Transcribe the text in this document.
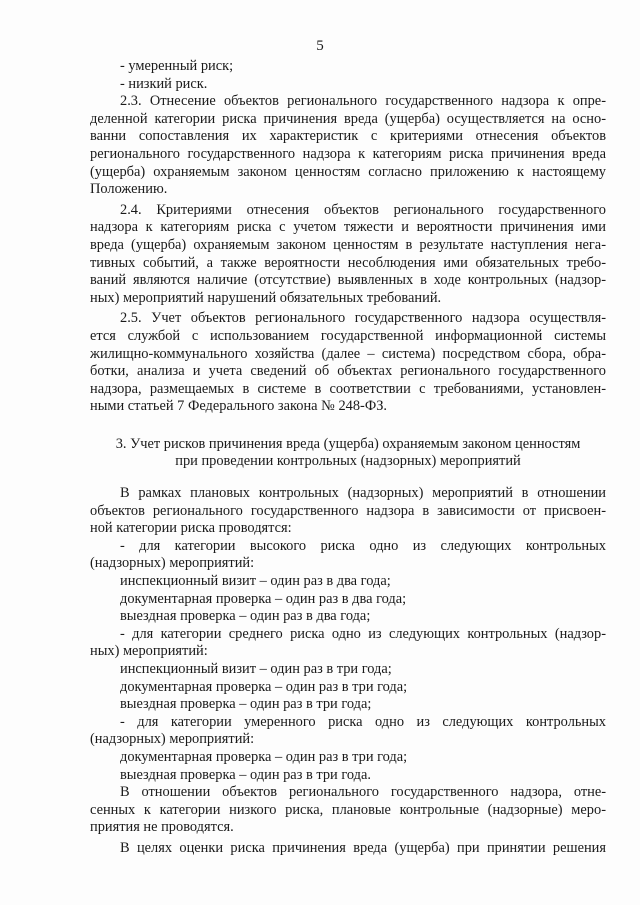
5
- умеренный риск;
- низкий риск.
2.3. Отнесение объектов регионального государственного надзора к опре-
деленной категории риска причинения вреда (ущерба) осуществляется на осно-
ванни сопоставления их характеристик с критериями отнесения объектов
регионального государственного надзора к категориям риска причинения вреда
(ущерба) охраняемым законом ценностям согласно приложению к настоящему
Положению.
2.4. Критериями отнесения объектов регионального государственного
надзора к категориям риска с учетом тяжести и вероятности причинения ими
вреда (ущерба) охраняемым законом ценностям в результате наступления нега-
тивных событий, а также вероятности несоблюдения ими обязательных требо-
ваний являются наличие (отсутствие) выявленных в ходе контрольных (надзор-
ных) мероприятий нарушений обязательных требований.
2.5. Учет объектов регионального государственного надзора осуществля-
ется службой с использованием государственной информационной системы
жилищно-коммунального хозяйства (далее – система) посредством сбора, обра-
ботки, анализа и учета сведений об объектах регионального государственного
надзора, размещаемых в системе в соответствии с требованиями, установлен-
ными статьей 7 Федерального закона № 248-ФЗ.
3. Учет рисков причинения вреда (ущерба) охраняемым законом ценностям
при проведении контрольных (надзорных) мероприятий
В рамках плановых контрольных (надзорных) мероприятий в отношении
объектов регионального государственного надзора в зависимости от присвоен-
ной категории риска проводятся:
- для категории высокого риска одно из следующих контрольных
(надзорных) мероприятий:
инспекционный визит – один раз в два года;
документарная проверка – один раз в два года;
выездная проверка – один раз в два года;
- для категории среднего риска одно из следующих контрольных (надзор-
ных) мероприятий:
инспекционный визит – один раз в три года;
документарная проверка – один раз в три года;
выездная проверка – один раз в три года;
- для категории умеренного риска одно из следующих контрольных
(надзорных) мероприятий:
документарная проверка – один раз в три года;
выездная проверка – один раз в три года.
В отношении объектов регионального государственного надзора, отне-
сенных к категории низкого риска, плановые контрольные (надзорные) меро-
приятия не проводятся.
В целях оценки риска причинения вреда (ущерба) при принятии решения
